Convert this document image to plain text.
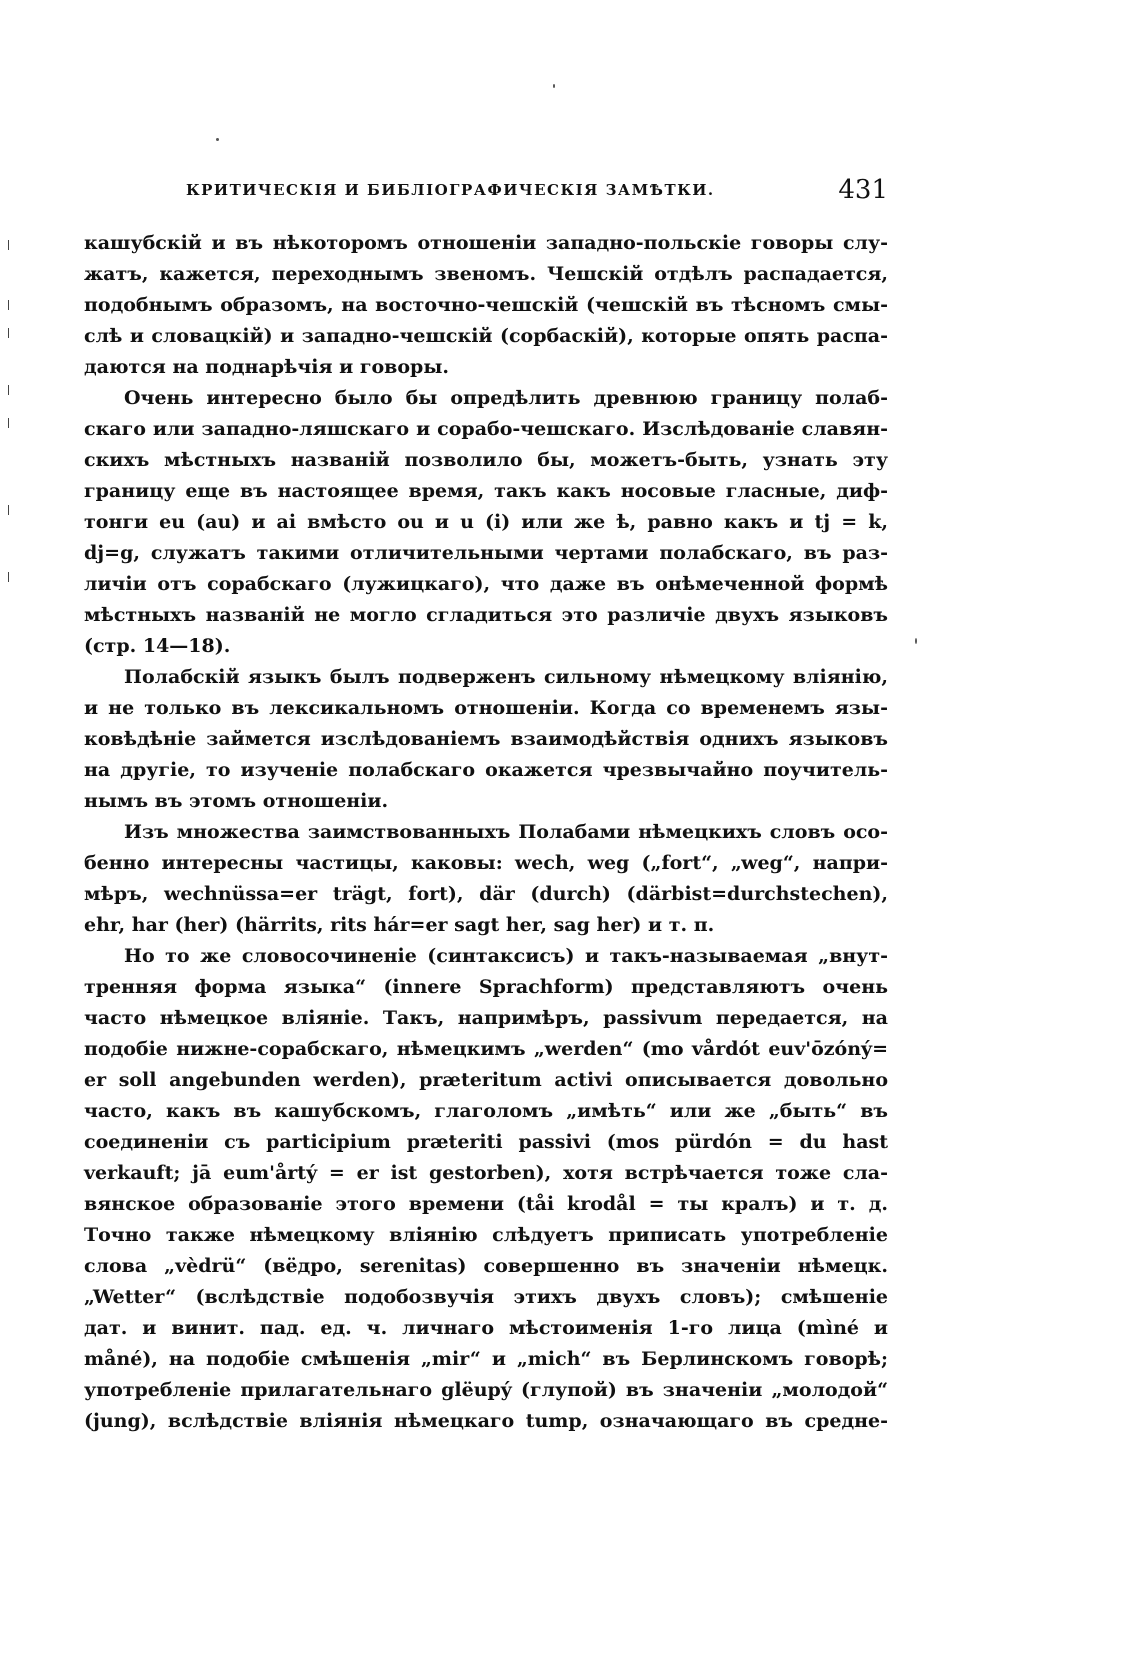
КРИТИЧЕСКІЯ И БИБЛІОГРАФИЧЕСКІЯ ЗАМѢТКИ.	431
кашубскій и въ нѣкоторомъ отношеніи западно-польскіе говоры слу-
жатъ, кажется, переходнымъ звеномъ. Чешскій отдѣлъ распадается,
подобнымъ образомъ, на восточно-чешскій (чешскій въ тѣсномъ смы-
слѣ и словацкій) и западно-чешскій (сорбаскій), которые опять распа-
даются на поднарѣчія и говоры.
Очень интересно было бы опредѣлить древнюю границу полаб-
скаго или западно-ляшскаго и сорабо-чешскаго. Изслѣдованіе славян-
скихъ мѣстныхъ названій позволило бы, можетъ-быть, узнать эту
границу еще въ настоящее время, такъ какъ носовые гласные, диф-
тонги eu (au) и ai вмѣсто ou и u (i) или же ѣ, равно какъ и tj = k,
dj=g, служатъ такими отличительными чертами полабскаго, въ раз-
личіи отъ сорабскаго (лужицкаго), что даже въ онѣмеченной формѣ
мѣстныхъ названій не могло сгладиться это различіе двухъ языковъ
(стр. 14—18).
Полабскій языкъ былъ подверженъ сильному нѣмецкому вліянію,
и не только въ лексикальномъ отношеніи. Когда со временемъ язы-
ковѣдѣніе займется изслѣдованіемъ взаимодѣйствія одниxъ языковъ
на другіе, то изученіе полабскаго окажется чрезвычайно поучитель-
нымъ въ этомъ отношеніи.
Изъ множества заимствованныхъ Полабами нѣмецкихъ словъ осо-
бенно интересны частицы, каковы: wech, weg („fort“, „weg“, напри-
мѣръ, wechnüssa=er trägt, fort), där (durch) (därbist=durchstechen),
ehr, har (her) (härrits, rits hár=er sagt her, sag her) и т. п.
Но то же словосочиненіе (синтаксисъ) и такъ-называемая „внут-
тренняя форма языка“ (innere Sprachform) представляютъ очень
часто нѣмецкое вліяніе. Такъ, напримѣръ, passivum передается, на
подобіе нижне-сорабскаго, нѣмецкимъ „werden“ (mo vårdót euv'ōzóný=
er soll angebunden werden), præteritum activi описывается довольно
часто, какъ въ кашубскомъ, глаголомъ „имѣть“ или же „быть“ въ
соединеніи съ participium præteriti passivi (mos pürdón = du hast
verkauft; jā eum'årtý = er ist gestorben), хотя встрѣчается тоже сла-
вянское образованіе этого времени (tåi krodål = ты кралъ) и т. д.
Точно также нѣмецкому вліянію слѣдуетъ приписать употребленіе
слова „vèdrü“ (вёдро, serenitas) совершенно въ значеніи нѣмецк.
„Wetter“ (вслѣдствіе подобозвучія этихъ двухъ словъ); смѣшеніе
дат. и винит. пад. ед. ч. личнаго мѣстоименія 1-го лица (mìné и
måné), на подобіе смѣшенія „mir“ и „mich“ въ Берлинскомъ говорѣ;
употребленіе прилагательнаго glëupý (глупой) въ значеніи „молодой“
(jung), вслѣдствіе вліянія нѣмецкаго tump, означающаго въ средне-
